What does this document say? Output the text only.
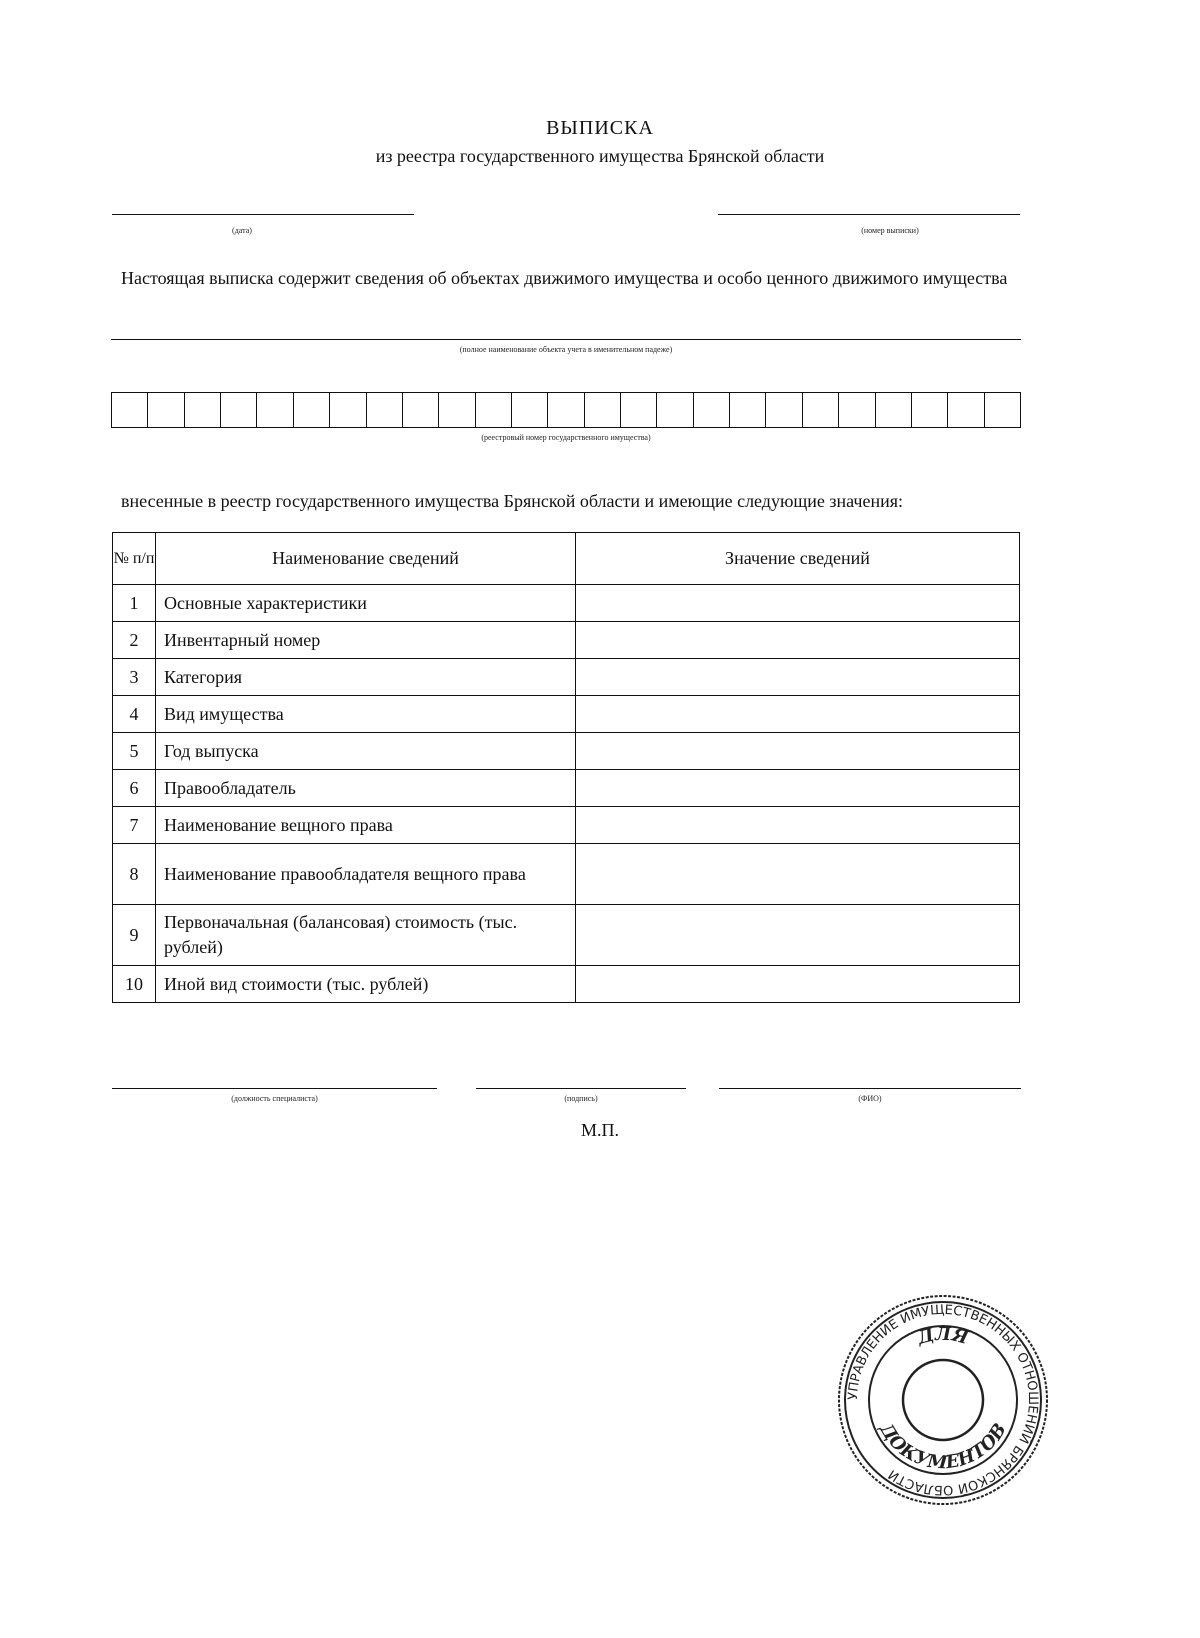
ВЫПИСКА
из реестра государственного имущества Брянской области
(дата)	(номер выписки)
Настоящая выписка содержит сведения об объектах движимого имущества и особо ценного движимого имущества
(полное наименование объекта учета в именительном падеже)
(реестровый номер государственного имущества)
внесенные в реестр государственного имущества Брянской области и имеющие следующие значения:
№ п/п	Наименование сведений	Значение сведений
1	Основные характеристики	
2	Инвентарный номер	
3	Категория	
4	Вид имущества	
5	Год выпуска	
6	Правообладатель	
7	Наименование вещного права	
8	Наименование правообладателя вещного права	
9	Первоначальная (балансовая) стоимость (тыс. рублей)	
10	Иной вид стоимости (тыс. рублей)	
(должность специалиста)	(подпись)	(ФИО)
М.П.
УПРАВЛЕНИЕ ИМУЩЕСТВЕННЫХ ОТНОШЕНИЙ БРЯНСКОЙ ОБЛАСТИ
ДЛЯ
ДОКУМЕНТОВ
